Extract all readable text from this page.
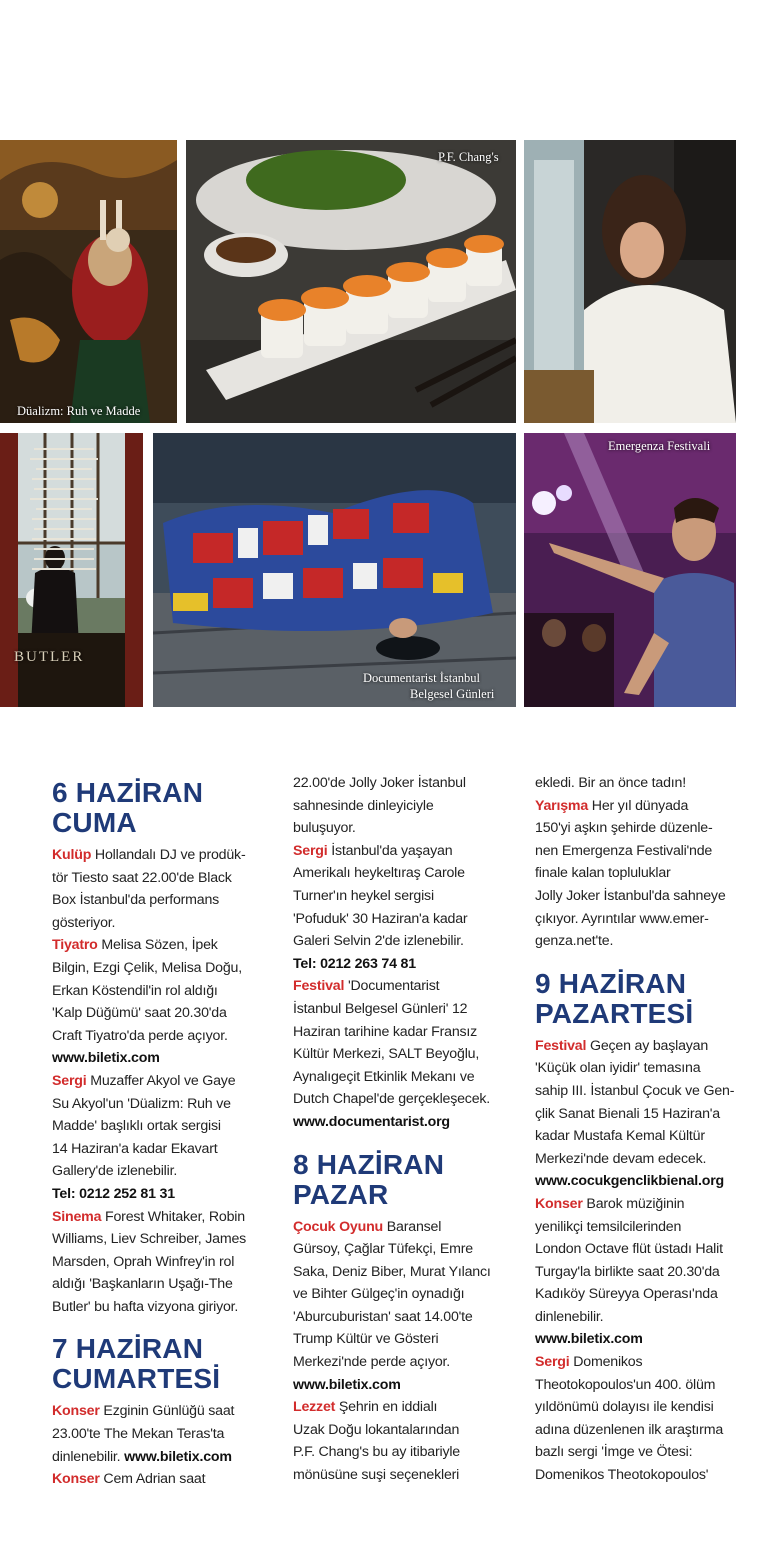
Düalizm: Ruh ve Madde
P.F. Chang's
BUTLER
Documentarist İstanbul
Belgesel Günleri
Emergenza Festivali
6 HAZİRAN
CUMA

Kulüp Hollandalı DJ ve prodük-

tör Tiesto saat 22.00'de Black

Box İstanbul'da performans

gösteriyor.

Tiyatro Melisa Sözen, İpek

Bilgin, Ezgi Çelik, Melisa Doğu,

Erkan Köstendil'in rol aldığı

'Kalp Düğümü' saat 20.30'da

Craft Tiyatro'da perde açıyor.

www.biletix.com

Sergi Muzaffer Akyol ve Gaye

Su Akyol'un 'Düalizm: Ruh ve

Madde' başlıklı ortak sergisi

14 Haziran'a kadar Ekavart

Gallery'de izlenebilir.

Tel: 0212 252 81 31

Sinema Forest Whitaker, Robin

Williams, Liev Schreiber, James

Marsden, Oprah Winfrey'in rol

aldığı 'Başkanların Uşağı-The

Butler' bu hafta vizyona giriyor.

7 HAZİRAN
CUMARTESİ

Konser Ezginin Günlüğü saat

23.00'te The Mekan Teras'ta

dinlenebilir. www.biletix.com

Konser Cem Adrian saat

22.00'de Jolly Joker İstanbul

sahnesinde dinleyiciyle

buluşuyor.

Sergi İstanbul'da yaşayan

Amerikalı heykeltıraş Carole

Turner'ın heykel sergisi

'Pofuduk' 30 Haziran'a kadar

Galeri Selvin 2'de izlenebilir.

Tel: 0212 263 74 81

Festival 'Documentarist

İstanbul Belgesel Günleri' 12

Haziran tarihine kadar Fransız

Kültür Merkezi, SALT Beyoğlu,

Aynalıgeçit Etkinlik Mekanı ve

Dutch Chapel'de gerçekleşecek.

www.documentarist.org

8 HAZİRAN
PAZAR

Çocuk Oyunu Baransel

Gürsoy, Çağlar Tüfekçi, Emre

Saka, Deniz Biber, Murat Yılancı

ve Bihter Gülgeç'in oynadığı

'Aburcuburistan' saat 14.00'te

Trump Kültür ve Gösteri

Merkezi'nde perde açıyor.

www.biletix.com

Lezzet Şehrin en iddialı

Uzak Doğu lokantalarından

P.F. Chang's bu ay itibariyle

mönüsüne suşi seçenekleri

ekledi. Bir an önce tadın!

Yarışma Her yıl dünyada

150'yi aşkın şehirde düzenle-

nen Emergenza Festivali'nde

finale kalan topluluklar

Jolly Joker İstanbul'da sahneye

çıkıyor. Ayrıntılar www.emer-

genza.net'te.

9 HAZİRAN
PAZARTESİ

Festival Geçen ay başlayan

'Küçük olan iyidir' temasına

sahip III. İstanbul Çocuk ve Gen-

çlik Sanat Bienali 15 Haziran'a

kadar Mustafa Kemal Kültür

Merkezi'nde devam edecek.

www.cocukgenclikbienal.org

Konser Barok müziğinin

yenilikçi temsilcilerinden

London Octave flüt üstadı Halit

Turgay'la birlikte saat 20.30'da

Kadıköy Süreyya Operası'nda

dinlenebilir.

www.biletix.com

Sergi Domenikos

Theotokopoulos'un 400. ölüm

yıldönümü dolayısı ile kendisi

adına düzenlenen ilk araştırma

bazlı sergi 'İmge ve Ötesi:

Domenikos Theotokopoulos'
